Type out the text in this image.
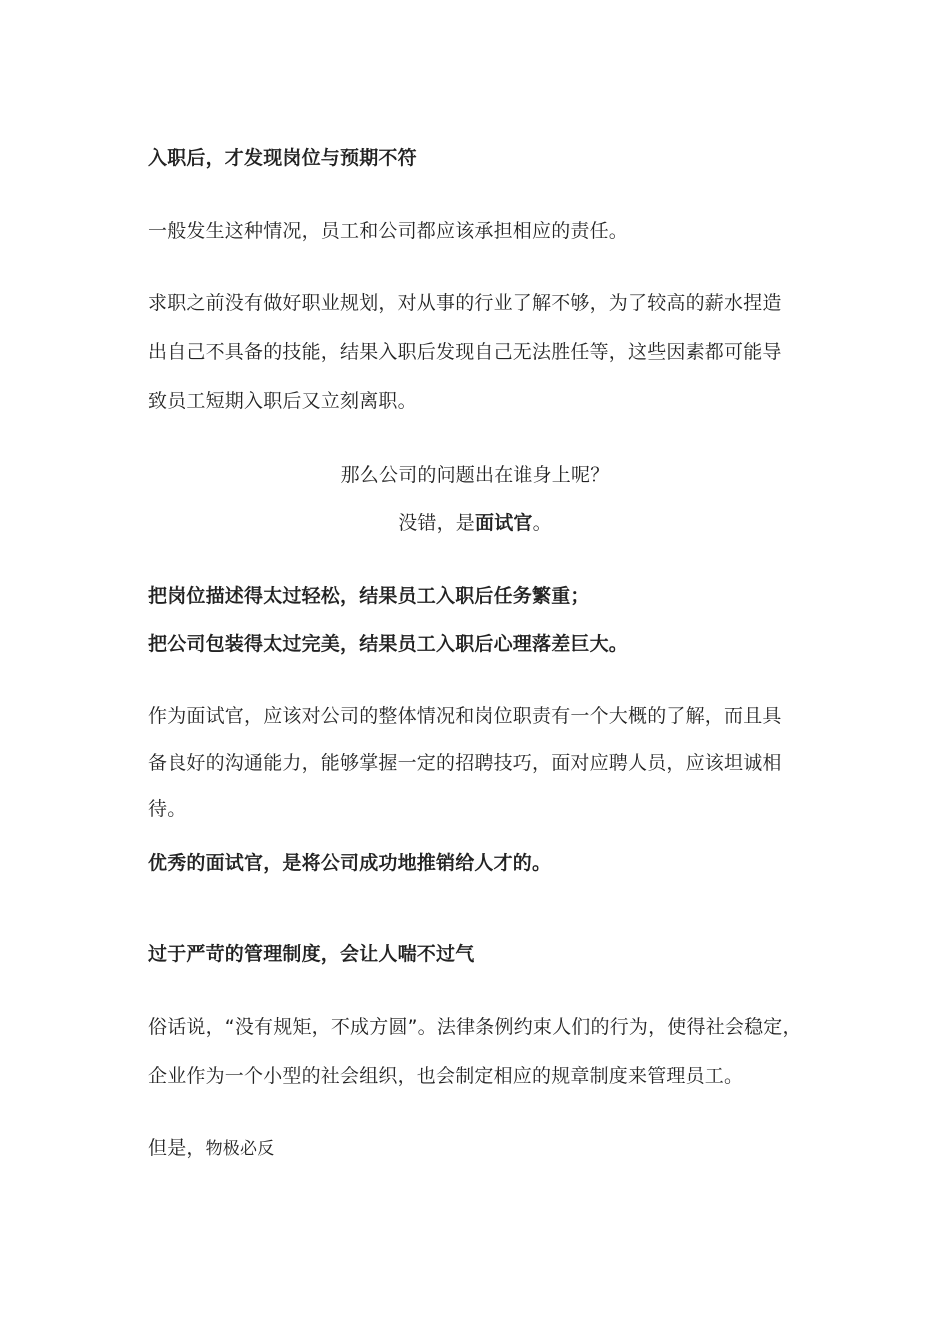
入职后，才发现岗位与预期不符
一般发生这种情况，员工和公司都应该承担相应的责任。
求职之前没有做好职业规划，对从事的行业了解不够，为了较高的薪水捏造
出自己不具备的技能，结果入职后发现自己无法胜任等，这些因素都可能导
致员工短期入职后又立刻离职。
那么公司的问题出在谁身上呢？
没错，是面试官。
把岗位描述得太过轻松，结果员工入职后任务繁重；
把公司包装得太过完美，结果员工入职后心理落差巨大。
作为面试官，应该对公司的整体情况和岗位职责有一个大概的了解，而且具
备良好的沟通能力，能够掌握一定的招聘技巧，面对应聘人员，应该坦诚相
待。
优秀的面试官，是将公司成功地推销给人才的。
过于严苛的管理制度，会让人喘不过气
俗话说，“没有规矩，不成方圆”。法律条例约束人们的行为，使得社会稳定，
企业作为一个小型的社会组织，也会制定相应的规章制度来管理员工。
但是，物极必反
